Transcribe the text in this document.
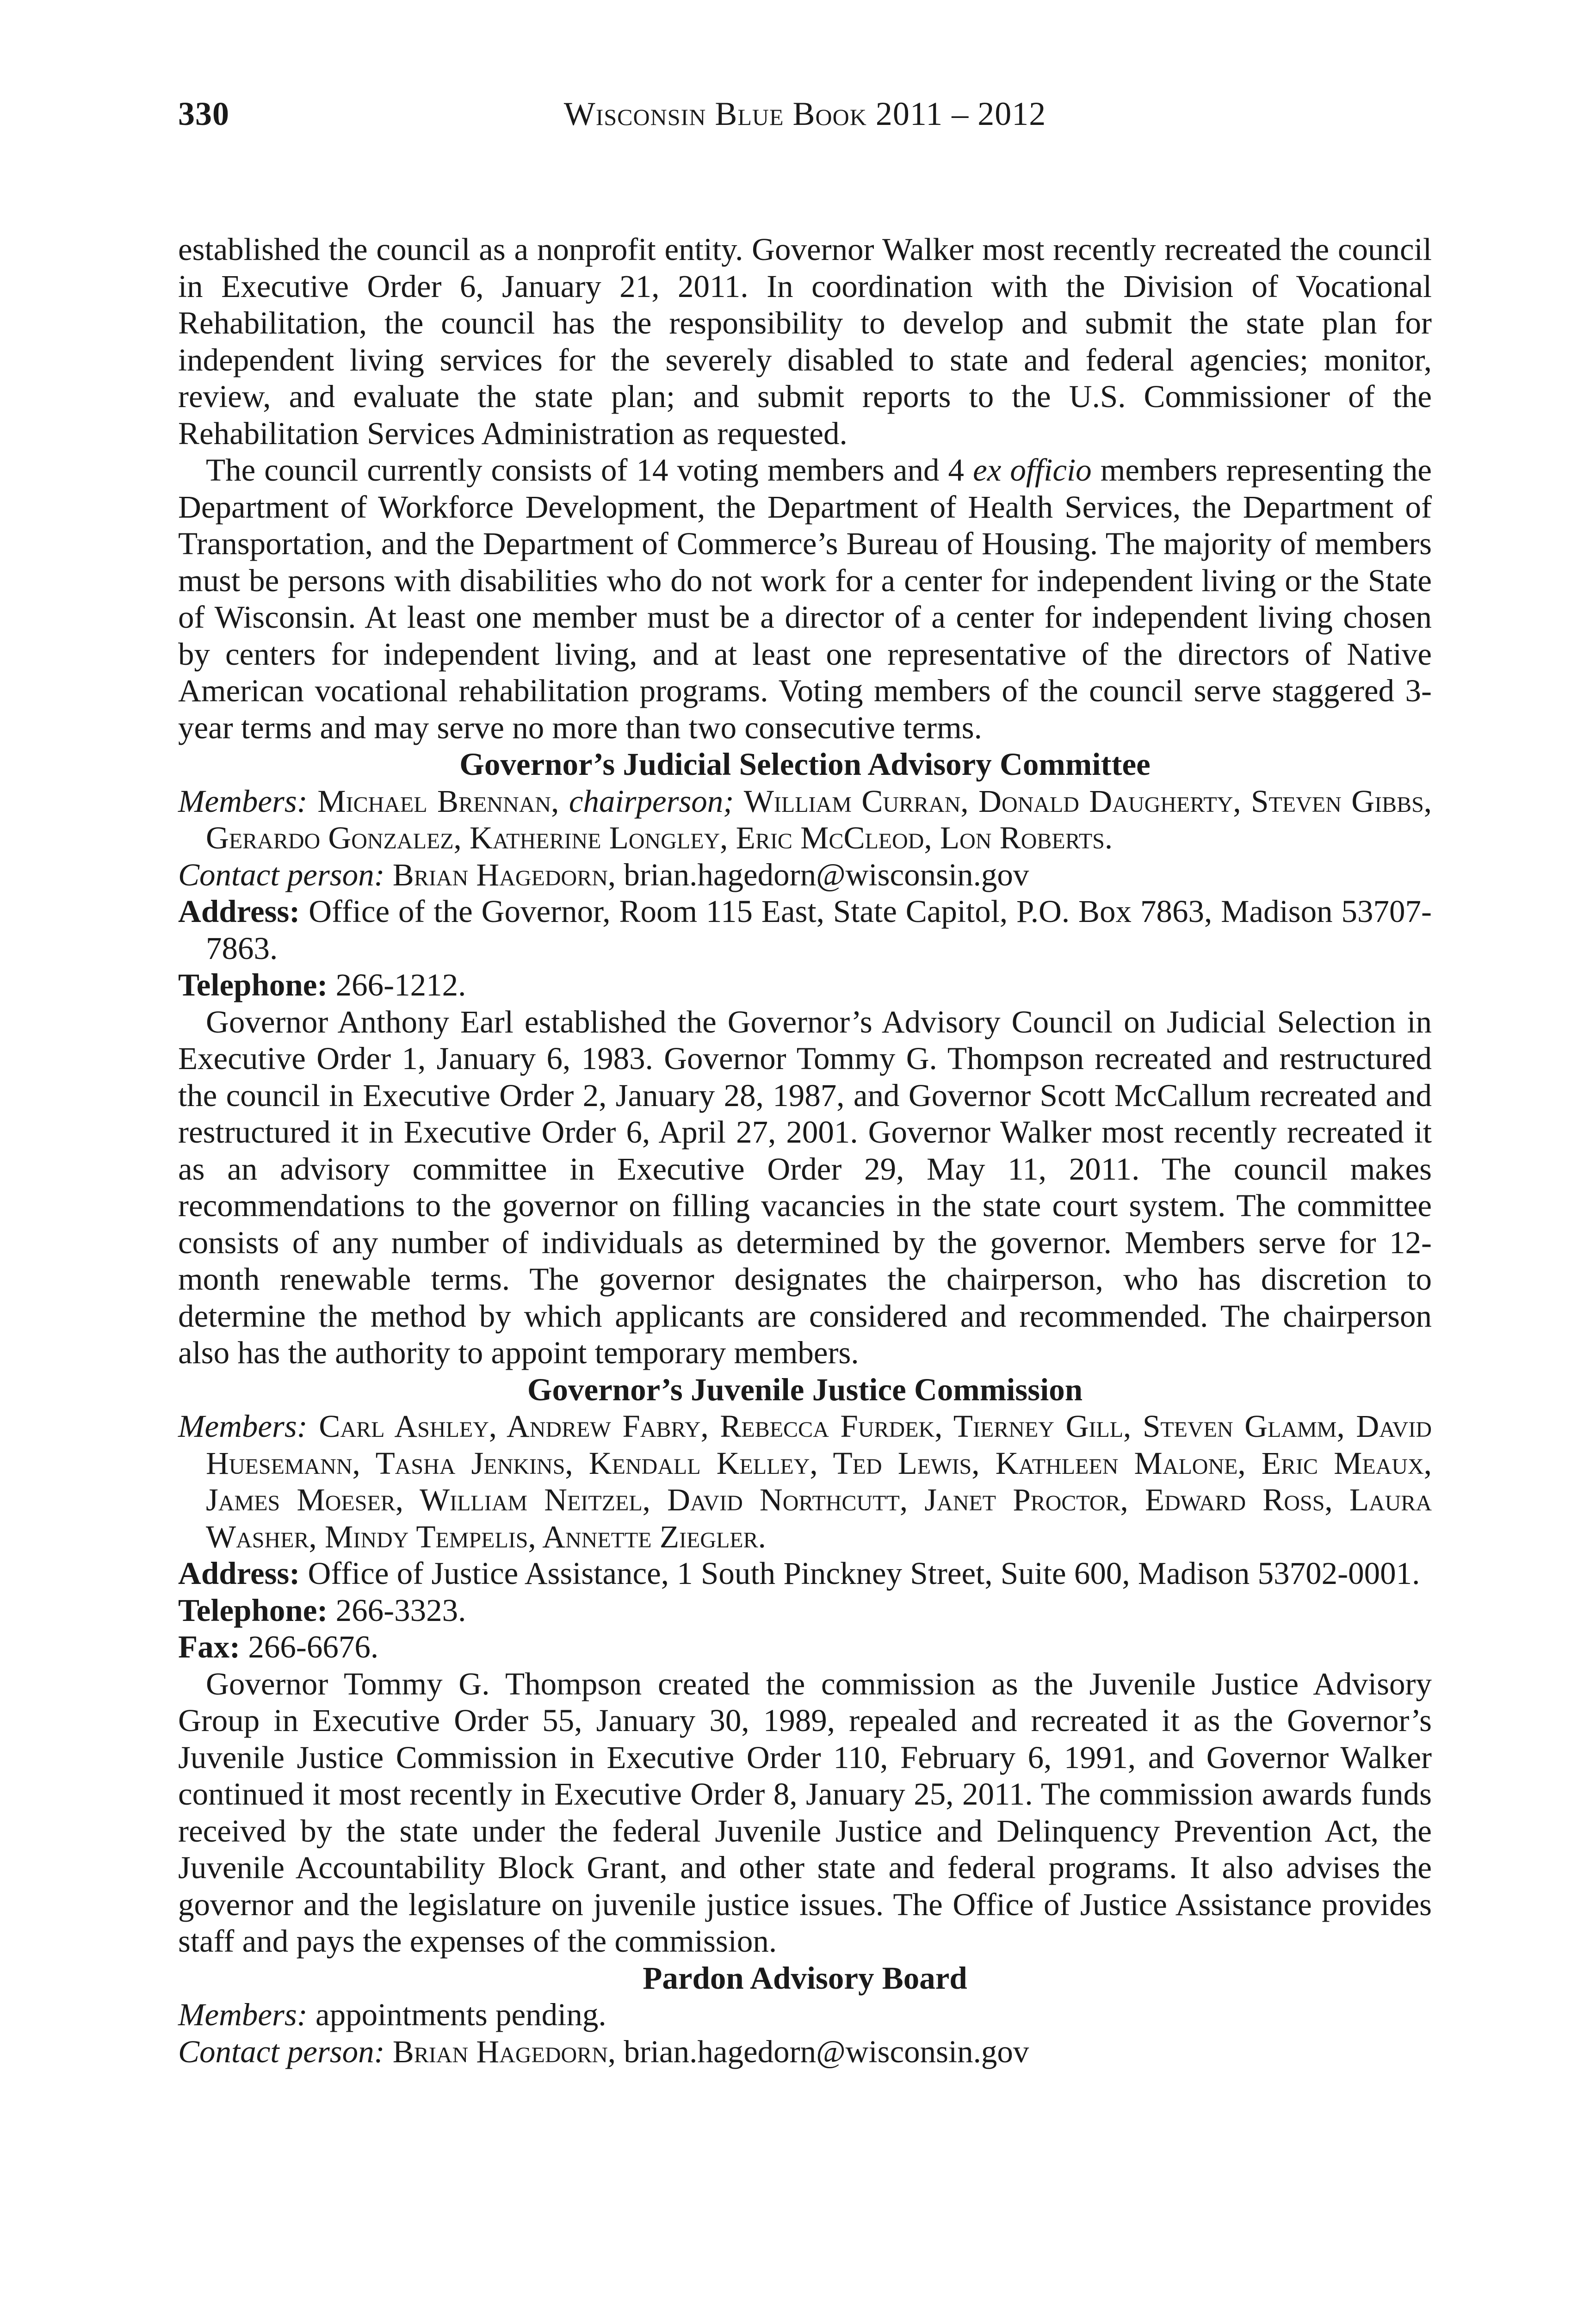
330	Wisconsin Blue Book 2011 – 2012

established the council as a nonprofit entity. Governor Walker most recently recreated the council in Executive Order 6, January 21, 2011. In coordination with the Division of Vocational Rehabilitation, the council has the responsibility to develop and submit the state plan for independent living services for the severely disabled to state and federal agencies; monitor, review, and evaluate the state plan; and submit reports to the U.S. Commissioner of the Rehabilitation Services Administration as requested.

The council currently consists of 14 voting members and 4 ex officio members representing the Department of Workforce Development, the Department of Health Services, the Department of Transportation, and the Department of Commerce’s Bureau of Housing. The majority of members must be persons with disabilities who do not work for a center for independent living or the State of Wisconsin. At least one member must be a director of a center for independent living chosen by centers for independent living, and at least one representative of the directors of Native American vocational rehabilitation programs. Voting members of the council serve staggered 3-year terms and may serve no more than two consecutive terms.

Governor’s Judicial Selection Advisory Committee

Members: Michael Brennan, chairperson; William Curran, Donald Daugherty, Steven Gibbs, Gerardo Gonzalez, Katherine Longley, Eric McCleod, Lon Roberts.

Contact person: Brian Hagedorn, brian.hagedorn@wisconsin.gov

Address: Office of the Governor, Room 115 East, State Capitol, P.O. Box 7863, Madison 53707-7863.

Telephone: 266-1212.

Governor Anthony Earl established the Governor’s Advisory Council on Judicial Selection in Executive Order 1, January 6, 1983. Governor Tommy G. Thompson recreated and restructured the council in Executive Order 2, January 28, 1987, and Governor Scott McCallum recreated and restructured it in Executive Order 6, April 27, 2001. Governor Walker most recently recreated it as an advisory committee in Executive Order 29, May 11, 2011. The council makes recommendations to the governor on filling vacancies in the state court system. The committee consists of any number of individuals as determined by the governor. Members serve for 12-month renewable terms. The governor designates the chairperson, who has discretion to determine the method by which applicants are considered and recommended. The chairperson also has the authority to appoint temporary members.

Governor’s Juvenile Justice Commission

Members: Carl Ashley, Andrew Fabry, Rebecca Furdek, Tierney Gill, Steven Glamm, David Huesemann, Tasha Jenkins, Kendall Kelley, Ted Lewis, Kathleen Malone, Eric Meaux, James Moeser, William Neitzel, David Northcutt, Janet Proctor, Edward Ross, Laura Washer, Mindy Tempelis, Annette Ziegler.

Address: Office of Justice Assistance, 1 South Pinckney Street, Suite 600, Madison 53702-0001.

Telephone: 266-3323.

Fax: 266-6676.

Governor Tommy G. Thompson created the commission as the Juvenile Justice Advisory Group in Executive Order 55, January 30, 1989, repealed and recreated it as the Governor’s Juvenile Justice Commission in Executive Order 110, February 6, 1991, and Governor Walker continued it most recently in Executive Order 8, January 25, 2011. The commission awards funds received by the state under the federal Juvenile Justice and Delinquency Prevention Act, the Juvenile Accountability Block Grant, and other state and federal programs. It also advises the governor and the legislature on juvenile justice issues. The Office of Justice Assistance provides staff and pays the expenses of the commission.

Pardon Advisory Board

Members: appointments pending.

Contact person: Brian Hagedorn, brian.hagedorn@wisconsin.gov
